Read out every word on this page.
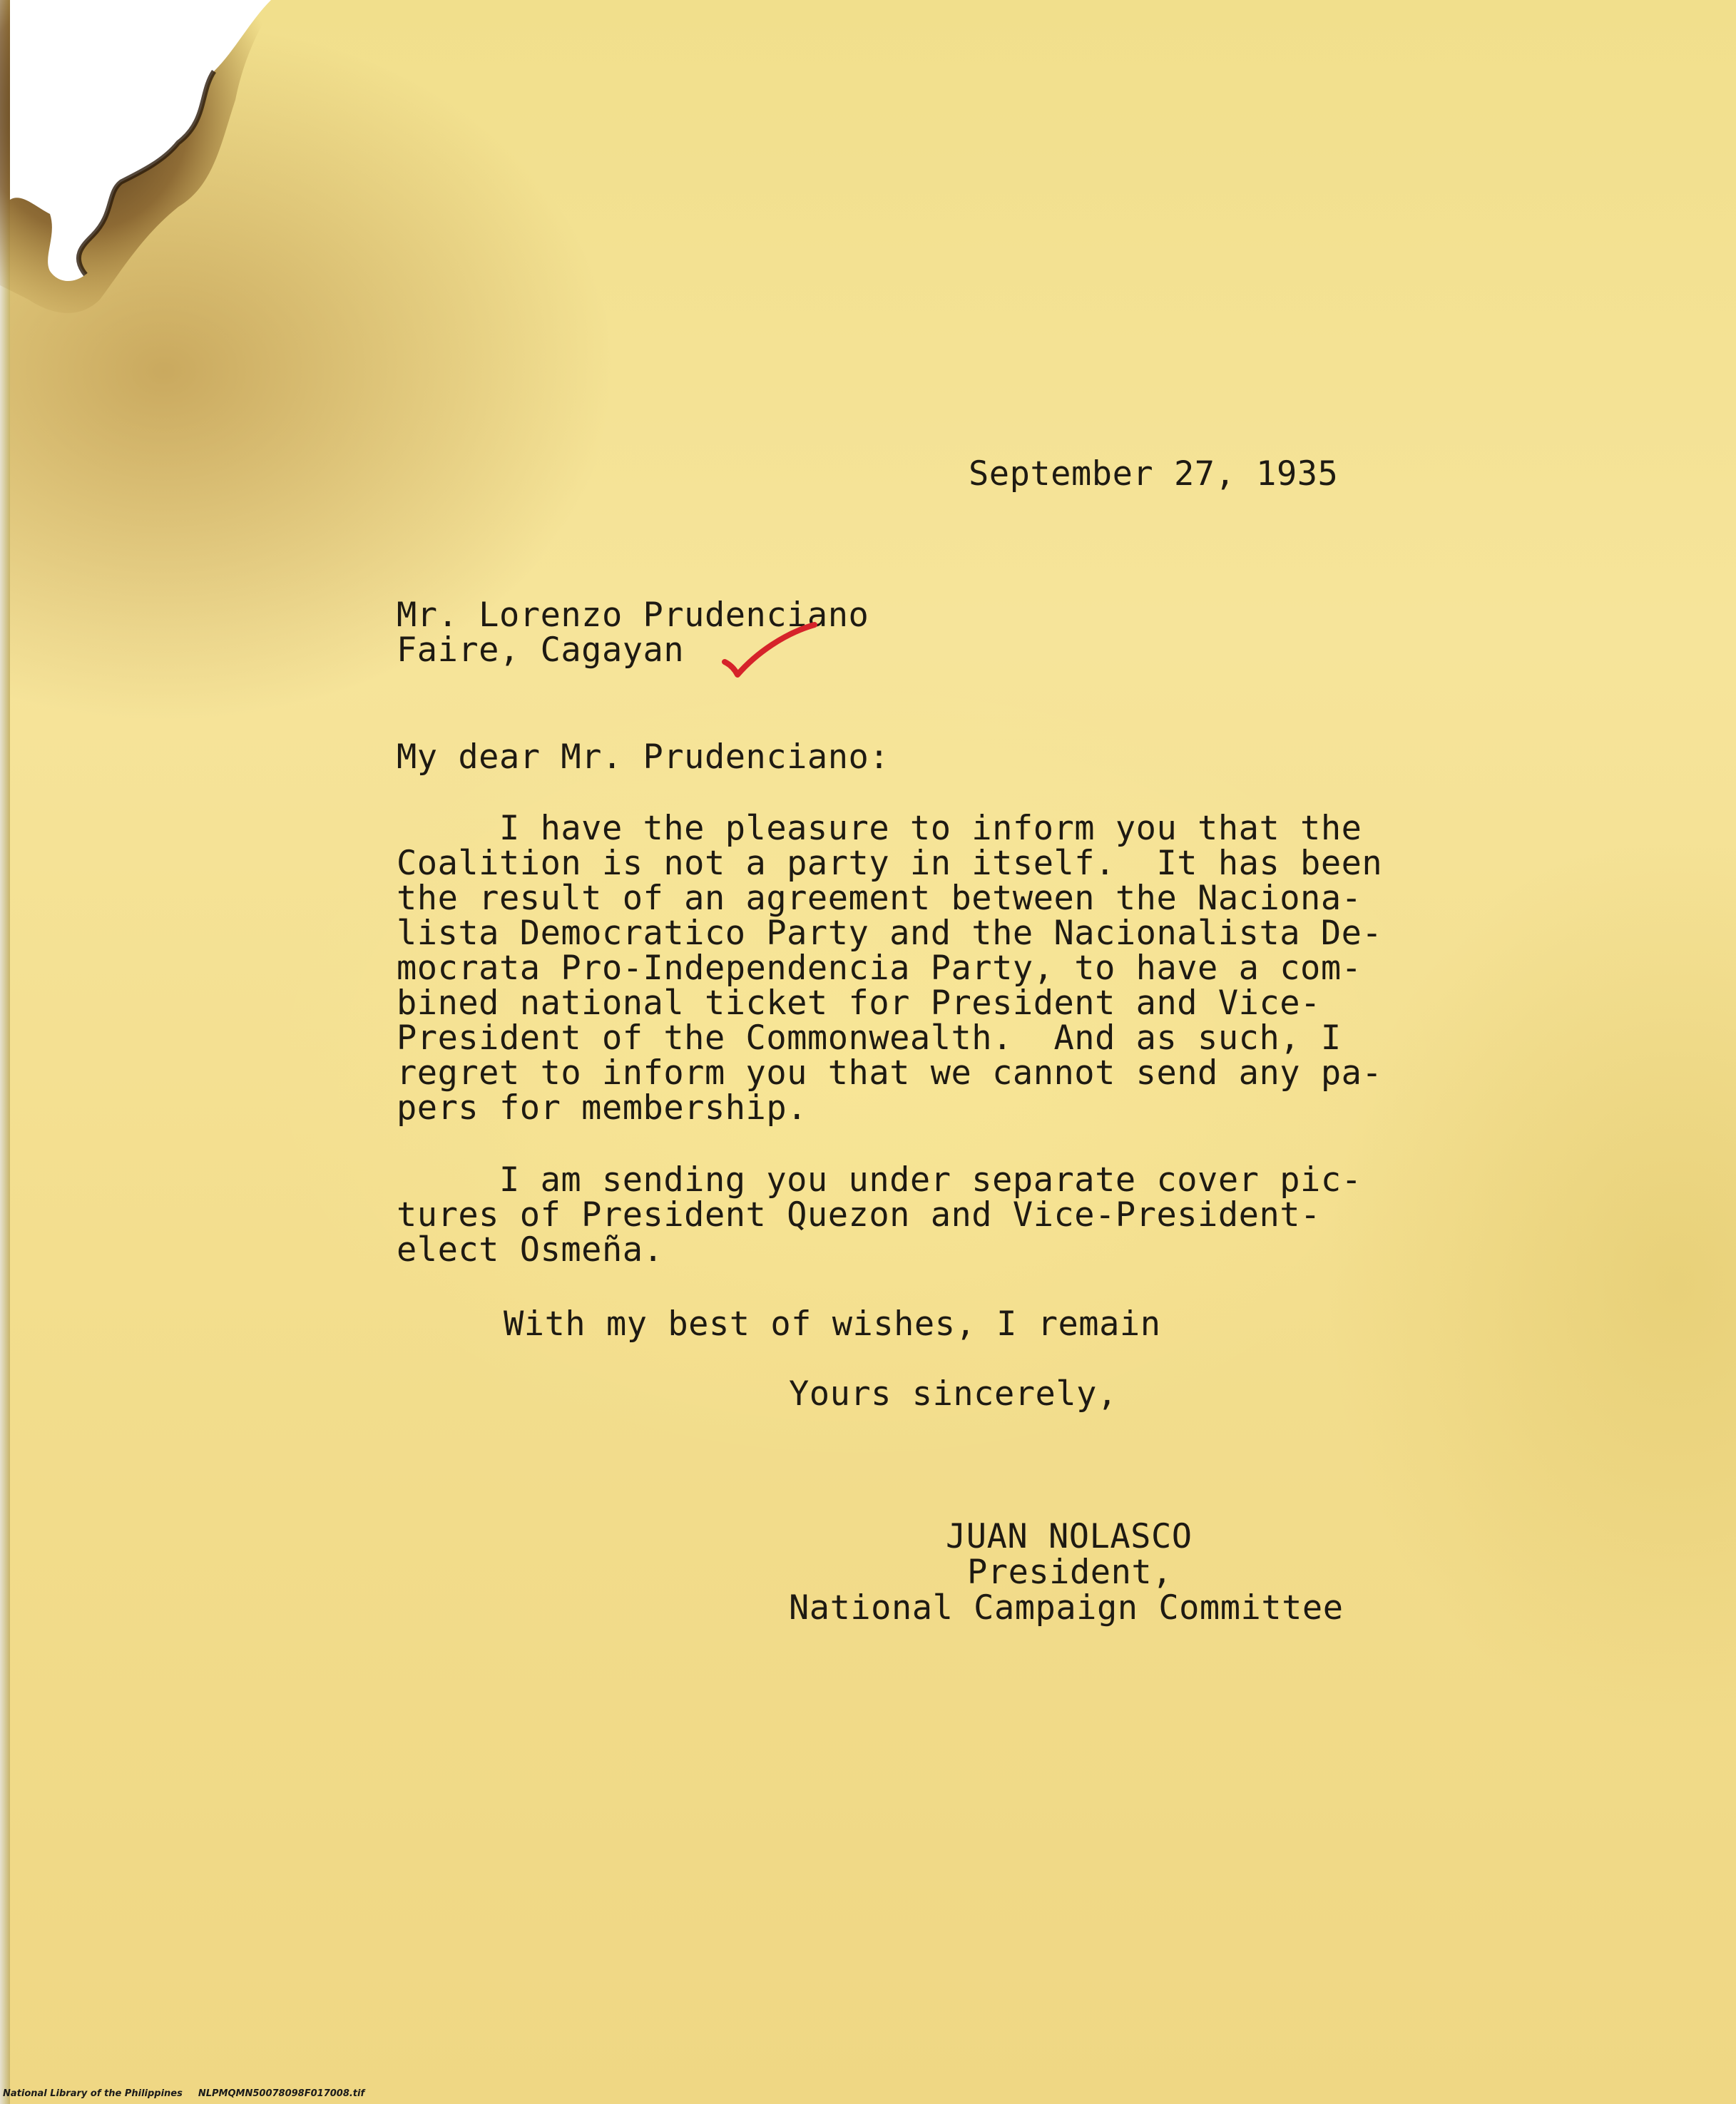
September 27, 1935
Mr. Lorenzo Prudenciano
Faire, Cagayan
My dear Mr. Prudenciano:
I have the pleasure to inform you that the
Coalition is not a party in itself.  It has been
the result of an agreement between the Naciona-
lista Democratico Party and the Nacionalista De-
mocrata Pro-Independencia Party, to have a com-
bined national ticket for President and Vice-
President of the Commonwealth.  And as such, I
regret to inform you that we cannot send any pa-
pers for membership.
I am sending you under separate cover pic-
tures of President Quezon and Vice-President-
elect Osmeña.
With my best of wishes, I remain
Yours sincerely,
JUAN NOLASCO
President,
National Campaign Committee
National Library of the Philippines NLPMQMN50078098F017008.tif
